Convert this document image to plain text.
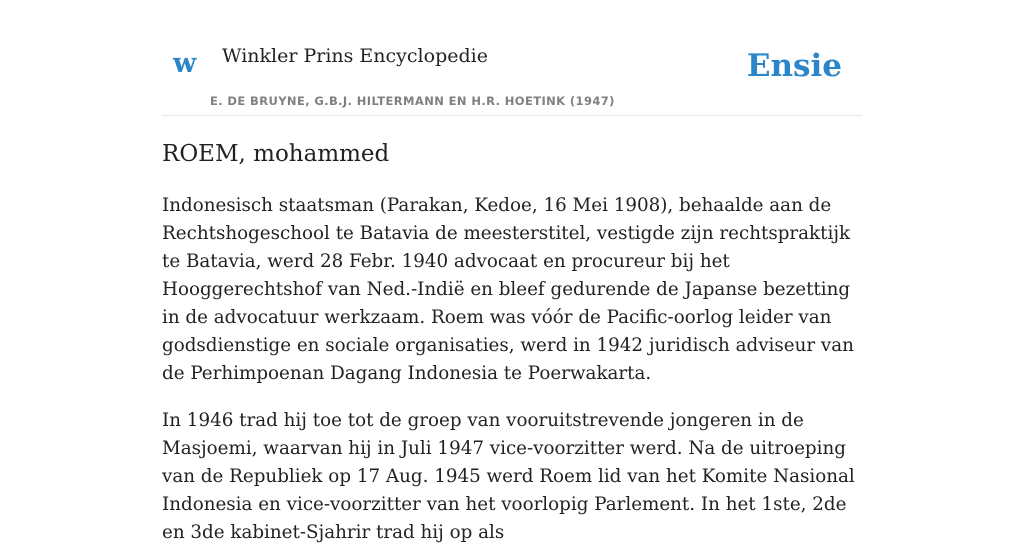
w Winkler Prins Encyclopedie
E. DE BRUYNE, G.B.J. HILTERMANN EN H.R. HOETINK (1947)
Ensie
ROEM, mohammed

Indonesisch staatsman (Parakan, Kedoe, 16 Mei 1908), behaalde aan de Rechtshogeschool te Batavia de meesterstitel, vestigde zijn rechtspraktijk te Batavia, werd 28 Febr. 1940 advocaat en procureur bij het Hooggerechtshof van Ned.-Indië en bleef gedurende de Japanse bezetting in de advocatuur werkzaam. Roem was vóór de Pacific-oorlog leider van godsdienstige en sociale organisaties, werd in 1942 juridisch adviseur van de Perhimpoenan Dagang Indonesia te Poerwakarta.

In 1946 trad hij toe tot de groep van vooruitstrevende jongeren in de Masjoemi, waarvan hij in Juli 1947 vice-voorzitter werd. Na de uitroeping van de Republiek op 17 Aug. 1945 werd Roem lid van het Komite Nasional Indonesia en vice-voorzitter van het voorlopig Parlement. In het 1ste, 2de en 3de kabinet-Sjahrir trad hij op als
